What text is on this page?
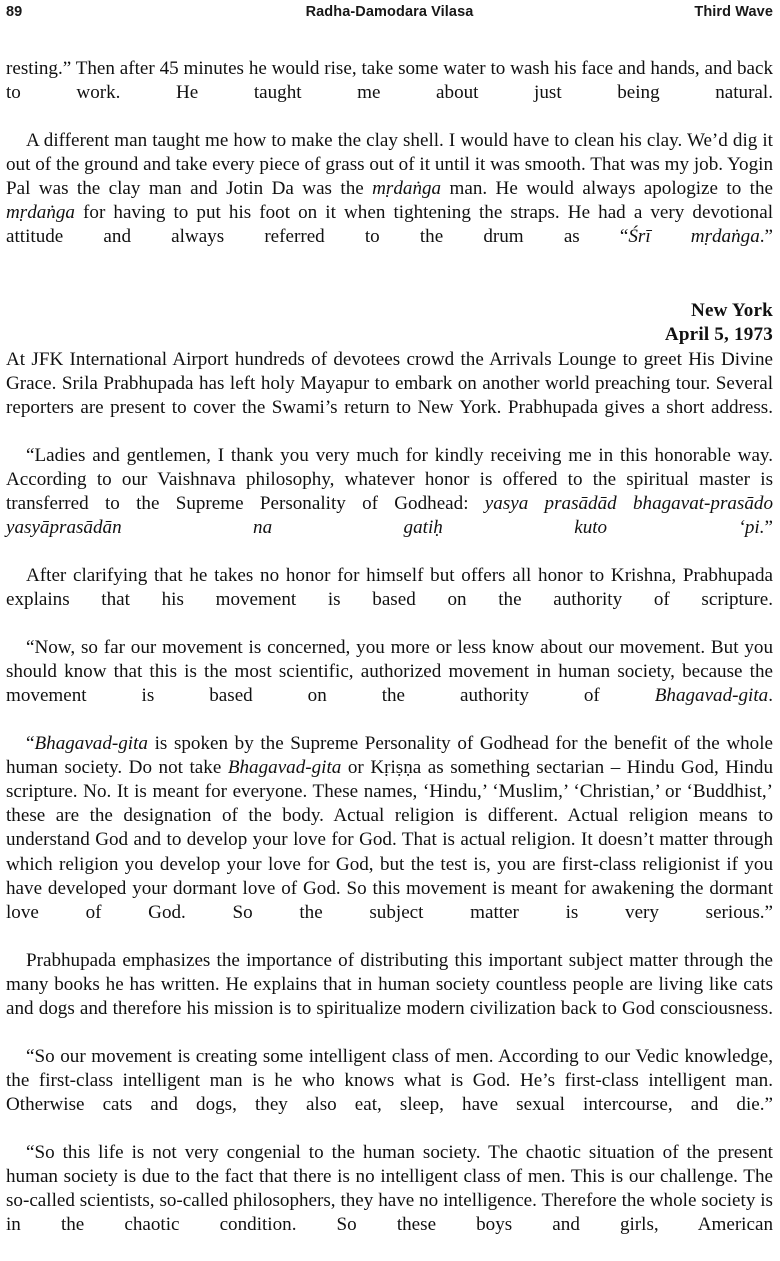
89	Radha-Damodara Vilasa	Third Wave

resting.” Then after 45 minutes he would rise, take some water to wash his face and hands, and back to work. He taught me about just being natural.

A different man taught me how to make the clay shell. I would have to clean his clay. We’d dig it out of the ground and take every piece of grass out of it until it was smooth. That was my job. Yogin Pal was the clay man and Jotin Da was the mṛdaṅga man. He would always apologize to the mṛdaṅga for having to put his foot on it when tightening the straps. He had a very devotional attitude and always referred to the drum as “Śrī mṛdaṅga.”

New York
April 5, 1973

At JFK International Airport hundreds of devotees crowd the Arrivals Lounge to greet His Divine Grace. Srila Prabhupada has left holy Mayapur to embark on another world preaching tour. Several reporters are present to cover the Swami’s return to New York. Prabhupada gives a short address.

“Ladies and gentlemen, I thank you very much for kindly receiving me in this honorable way. According to our Vaishnava philosophy, whatever honor is offered to the spiritual master is transferred to the Supreme Personality of Godhead: yasya prasādād bhagavat-prasādo yasyāprasādān na gatiḥ kuto ‘pi.”

After clarifying that he takes no honor for himself but offers all honor to Krishna, Prabhupada explains that his movement is based on the authority of scripture.

“Now, so far our movement is concerned, you more or less know about our movement. But you should know that this is the most scientific, authorized movement in human society, because the movement is based on the authority of Bhagavad-gita.

“Bhagavad-gita is spoken by the Supreme Personality of Godhead for the benefit of the whole human society. Do not take Bhagavad-gita or Kṛiṣṇa as something sectarian – Hindu God, Hindu scripture. No. It is meant for everyone. These names, ‘Hindu,’ ‘Muslim,’ ‘Christian,’ or ‘Buddhist,’ these are the designation of the body. Actual religion is different. Actual religion means to understand God and to develop your love for God. That is actual religion. It doesn’t matter through which religion you develop your love for God, but the test is, you are first-class religionist if you have developed your dormant love of God. So this movement is meant for awakening the dormant love of God. So the subject matter is very serious.”

Prabhupada emphasizes the importance of distributing this important subject matter through the many books he has written. He explains that in human society countless people are living like cats and dogs and therefore his mission is to spiritualize modern civilization back to God consciousness.

“So our movement is creating some intelligent class of men. According to our Vedic knowledge, the first-class intelligent man is he who knows what is God. He’s first-class intelligent man. Otherwise cats and dogs, they also eat, sleep, have sexual intercourse, and die.”

“So this life is not very congenial to the human society. The chaotic situation of the present human society is due to the fact that there is no intelligent class of men. This is our challenge. The so-called scientists, so-called philosophers, they have no intelligence. Therefore the whole society is in the chaotic condition. So these boys and girls, American
